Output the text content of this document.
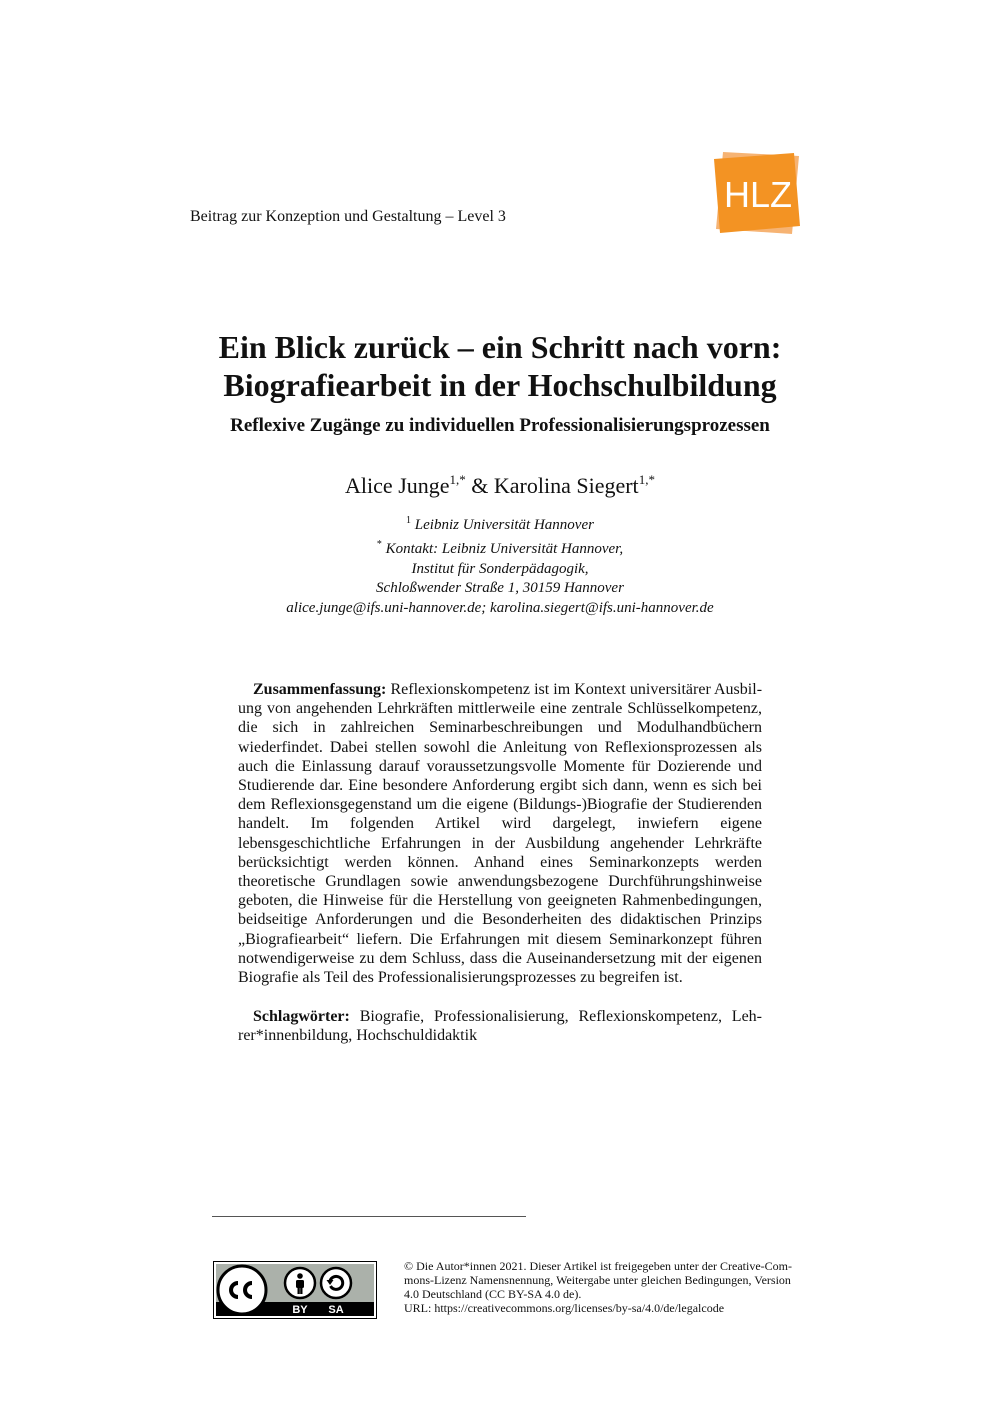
Beitrag zur Konzeption und Gestaltung – Level 3
HLZ
Ein Blick zurück – ein Schritt nach vorn:
Biografiearbeit in der Hochschulbildung
Reflexive Zugänge zu individuellen Professionalisierungsprozessen
Alice Junge$^{1,*}$ & Karolina Siegert$^{1,*}$
$^1$ Leibniz Universität Hannover
* Kontakt: Leibniz Universität Hannover,
Institut für Sonderpädagogik,
Schloßwender Straße 1, 30159 Hannover
alice.junge@ifs.uni-hannover.de; karolina.siegert@ifs.uni-hannover.de
Zusammenfassung: Reflexionskompetenz ist im Kontext universitärer Ausbilung von angehenden Lehrkräften mittlerweile eine zentrale Schlüsselkompetenz, die sich in zahlreichen Seminarbeschreibungen und Modulhandbüchern wiederfindet. Dabei stellen sowohl die Anleitung von Reflexionsprozessen als auch die Einlassung darauf voraussetzungsvolle Momente für Dozierende und Studierende dar. Eine besondere Anforderung ergibt sich dann, wenn es sich bei dem Reflexionsgegenstand um die eigene (Bildungs-)Biografie der Studierenden handelt. Im folgenden Artikel wird dargelegt, inwiefern eigene lebensgeschichtliche Erfahrungen in der Ausbildung angehender Lehrkräfte berücksichtigt werden können. Anhand eines Seminarkonzepts werden theoretische Grundlagen sowie anwendungsbezogene Durchführungshinweise geboten, die Hinweise für die Herstellung von geeigneten Rahmenbedingungen, beidseitige Anforderungen und die Besonderheiten des didaktischen Prinzips „Biografiearbeit“ liefern. Die Erfahrungen mit diesem Seminarkonzept führen notwendigerweise zu dem Schluss, dass die Auseinandersetzung mit der eigenen Biografie als Teil des Professionalisierungsprozesses zu begreifen ist.
Schlagwörter: Biografie, Professionalisierung, Reflexionskompetenz, Lehrer*innenbildung, Hochschuldidaktik
BY SA
© Die Autor*innen 2021. Dieser Artikel ist freigegeben unter der Creative-Com-
mons-Lizenz Namensnennung, Weitergabe unter gleichen Bedingungen, Version
4.0 Deutschland (CC BY-SA 4.0 de).
URL: https://creativecommons.org/licenses/by-sa/4.0/de/legalcode
